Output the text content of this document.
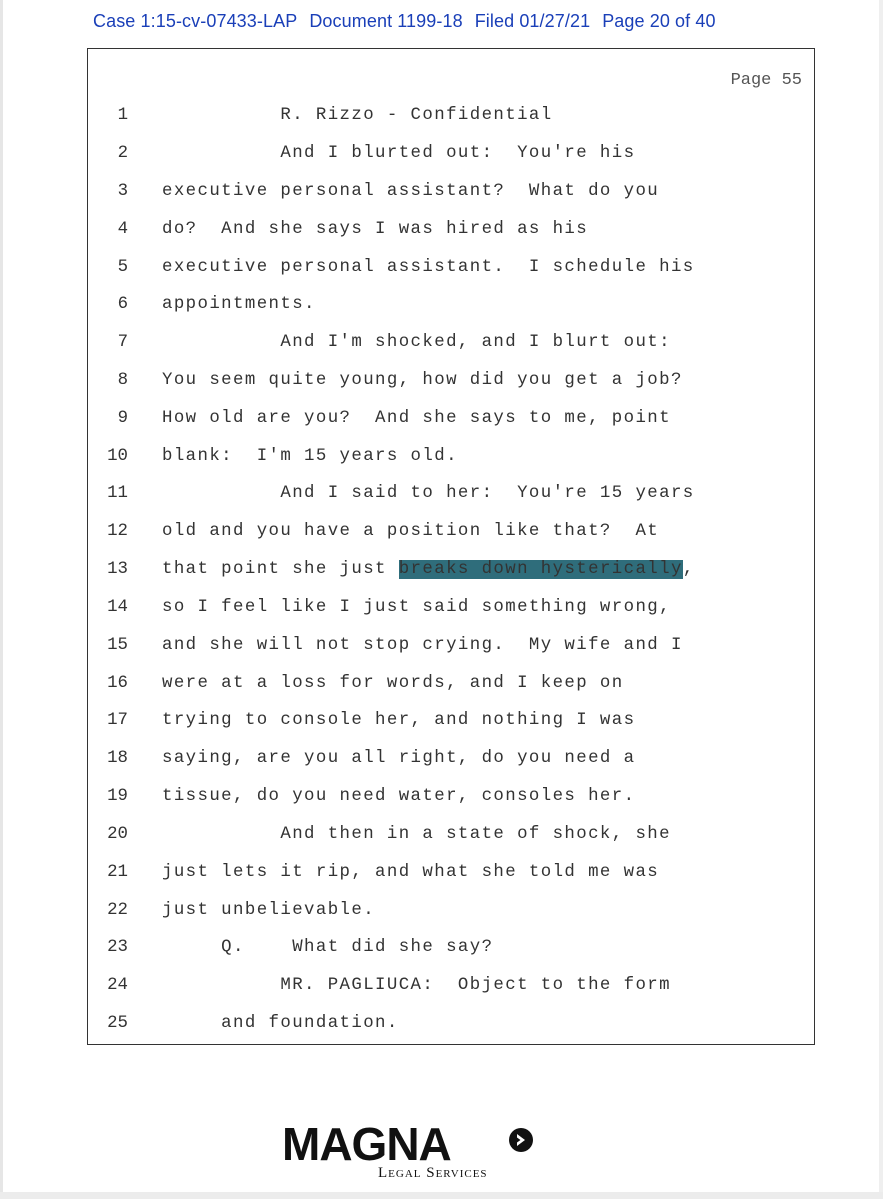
Case 1:15-cv-07433-LAP Document 1199-18 Filed 01/27/21 Page 20 of 40
Page 55
1 R. Rizzo - Confidential
2 And I blurted out:  You're his
3 executive personal assistant?  What do you
4 do?  And she says I was hired as his
5 executive personal assistant.  I schedule his
6 appointments.
7 And I'm shocked, and I blurt out:
8 You seem quite young, how did you get a job?
9 How old are you?  And she says to me, point
10 blank:  I'm 15 years old.
11 And I said to her:  You're 15 years
12 old and you have a position like that?  At
13 that point she just breaks down hysterically,
14 so I feel like I just said something wrong,
15 and she will not stop crying.  My wife and I
16 were at a loss for words, and I keep on
17 trying to console her, and nothing I was
18 saying, are you all right, do you need a
19 tissue, do you need water, consoles her.
20 And then in a state of shock, she
21 just lets it rip, and what she told me was
22 just unbelievable.
23 Q.    What did she say?
24 MR. PAGLIUCA:  Object to the form
25 and foundation.
MAGNA
Legal Services
